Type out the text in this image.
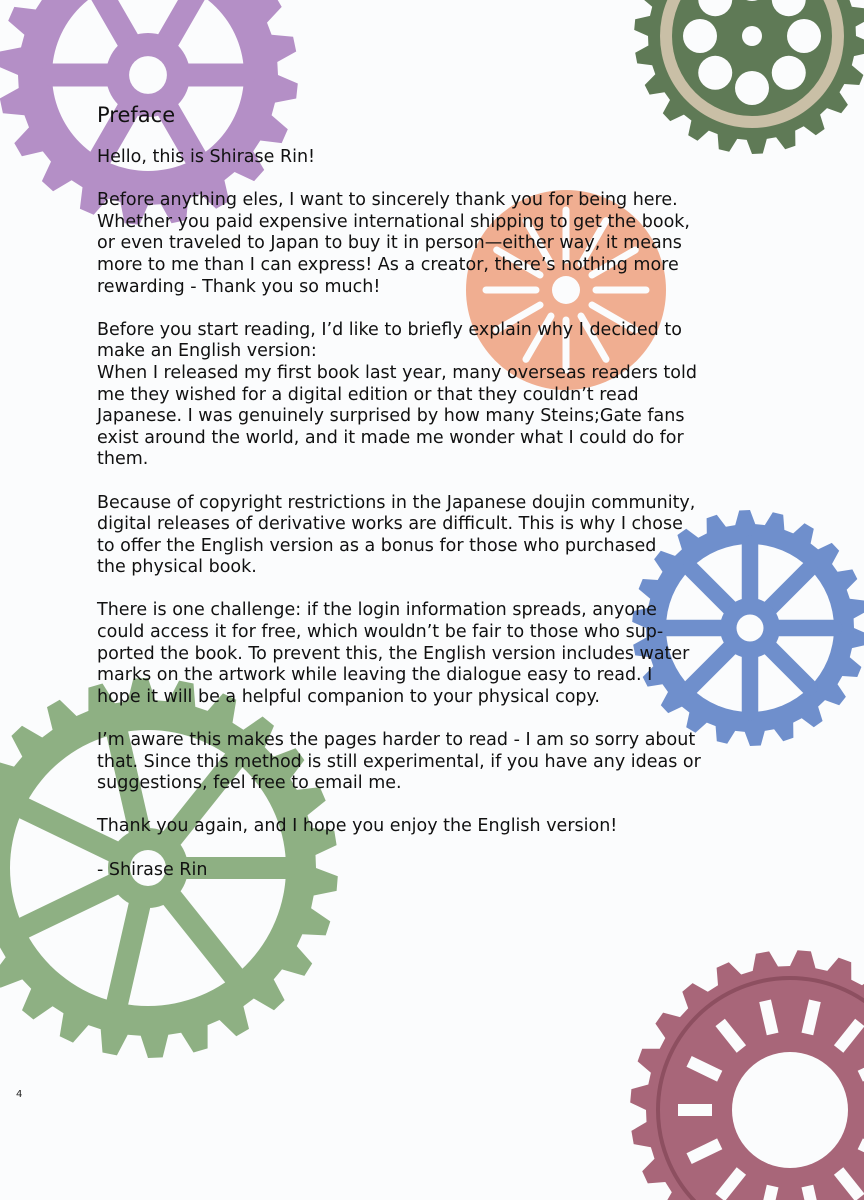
Preface

Hello, this is Shirase Rin!

Before anything eles, I want to sincerely thank you for being here.
Whether you paid expensive international shipping to get the book,
or even traveled to Japan to buy it in person—either way, it means
more to me than I can express! As a creator, there’s nothing more
rewarding - Thank you so much!

Before you start reading, I’d like to briefly explain why I decided to
make an English version:
When I released my first book last year, many overseas readers told
me they wished for a digital edition or that they couldn’t read
Japanese. I was genuinely surprised by how many Steins;Gate fans
exist around the world, and it made me wonder what I could do for
them.

Because of copyright restrictions in the Japanese doujin community,
digital releases of derivative works are difficult. This is why I chose
to offer the English version as a bonus for those who purchased
the physical book.

There is one challenge: if the login information spreads, anyone
could access it for free, which wouldn’t be fair to those who sup-
ported the book. To prevent this, the English version includes water
marks on the artwork while leaving the dialogue easy to read. I
hope it will be a helpful companion to your physical copy.

I’m aware this makes the pages harder to read - I am so sorry about
that. Since this method is still experimental, if you have any ideas or
suggestions, feel free to email me.

Thank you again, and I hope you enjoy the English version!

- Shirase Rin

4
